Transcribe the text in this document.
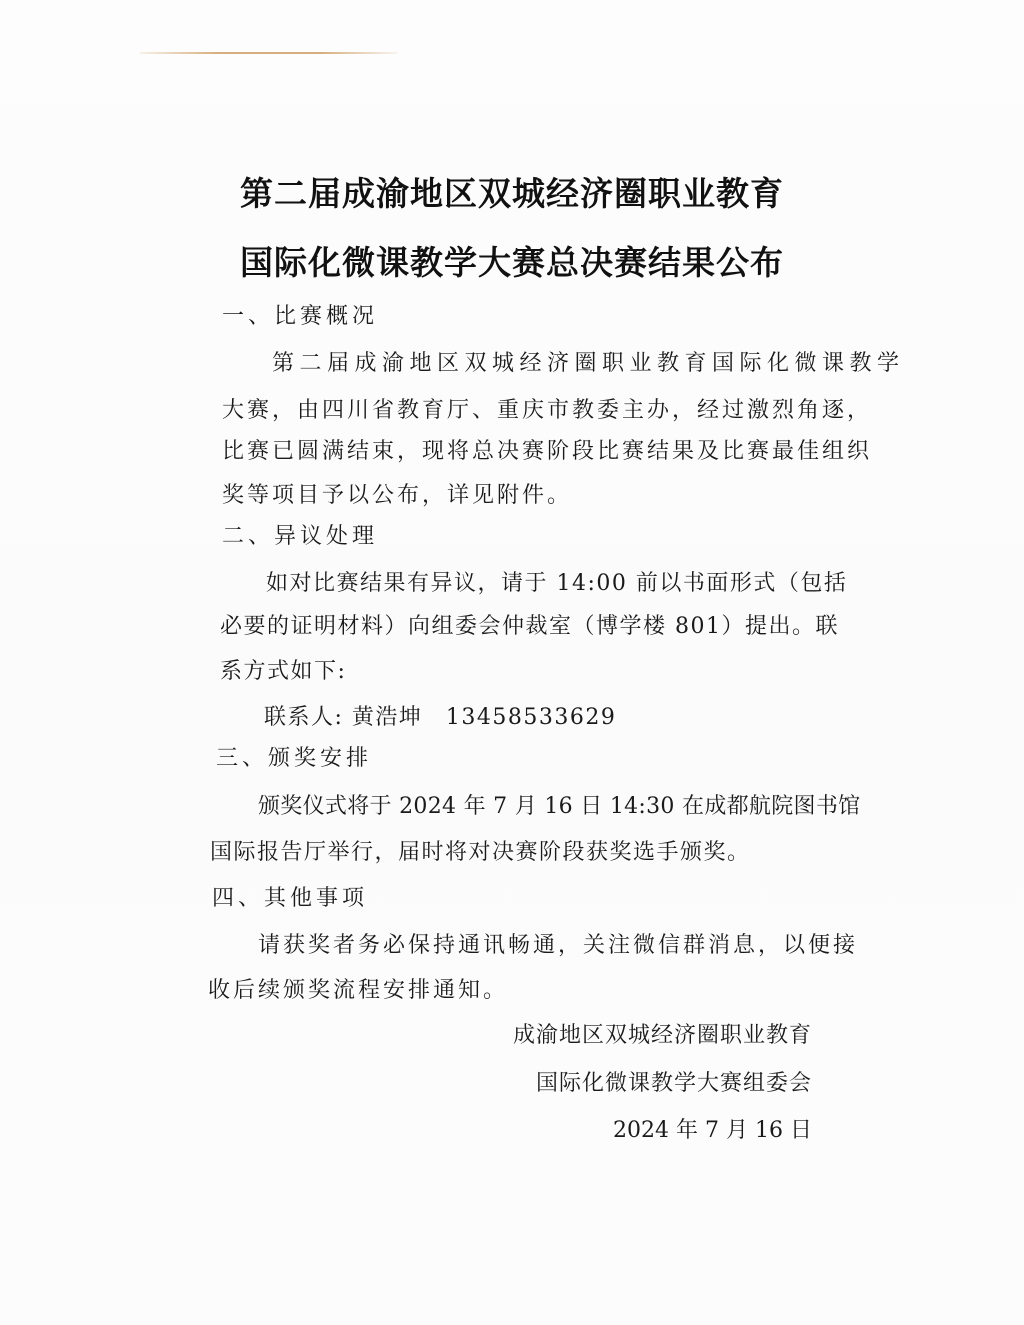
第二届成渝地区双城经济圈职业教育
国际化微课教学大赛总决赛结果公布
一、比赛概况
第二届成渝地区双城经济圈职业教育国际化微课教学
大赛，由四川省教育厅、重庆市教委主办，经过激烈角逐，
比赛已圆满结束，现将总决赛阶段比赛结果及比赛最佳组织
奖等项目予以公布，详见附件。
二、异议处理
如对比赛结果有异议，请于 14:00 前以书面形式（包括
必要的证明材料）向组委会仲裁室（博学楼 801）提出。联
系方式如下:
联系人: 黄浩坤　13458533629
三、颁奖安排
颁奖仪式将于 2024 年 7 月 16 日 14:30 在成都航院图书馆
国际报告厅举行，届时将对决赛阶段获奖选手颁奖。
四、其他事项
请获奖者务必保持通讯畅通，关注微信群消息，以便接
收后续颁奖流程安排通知。
成渝地区双城经济圈职业教育
国际化微课教学大赛组委会
2024 年 7 月 16 日
